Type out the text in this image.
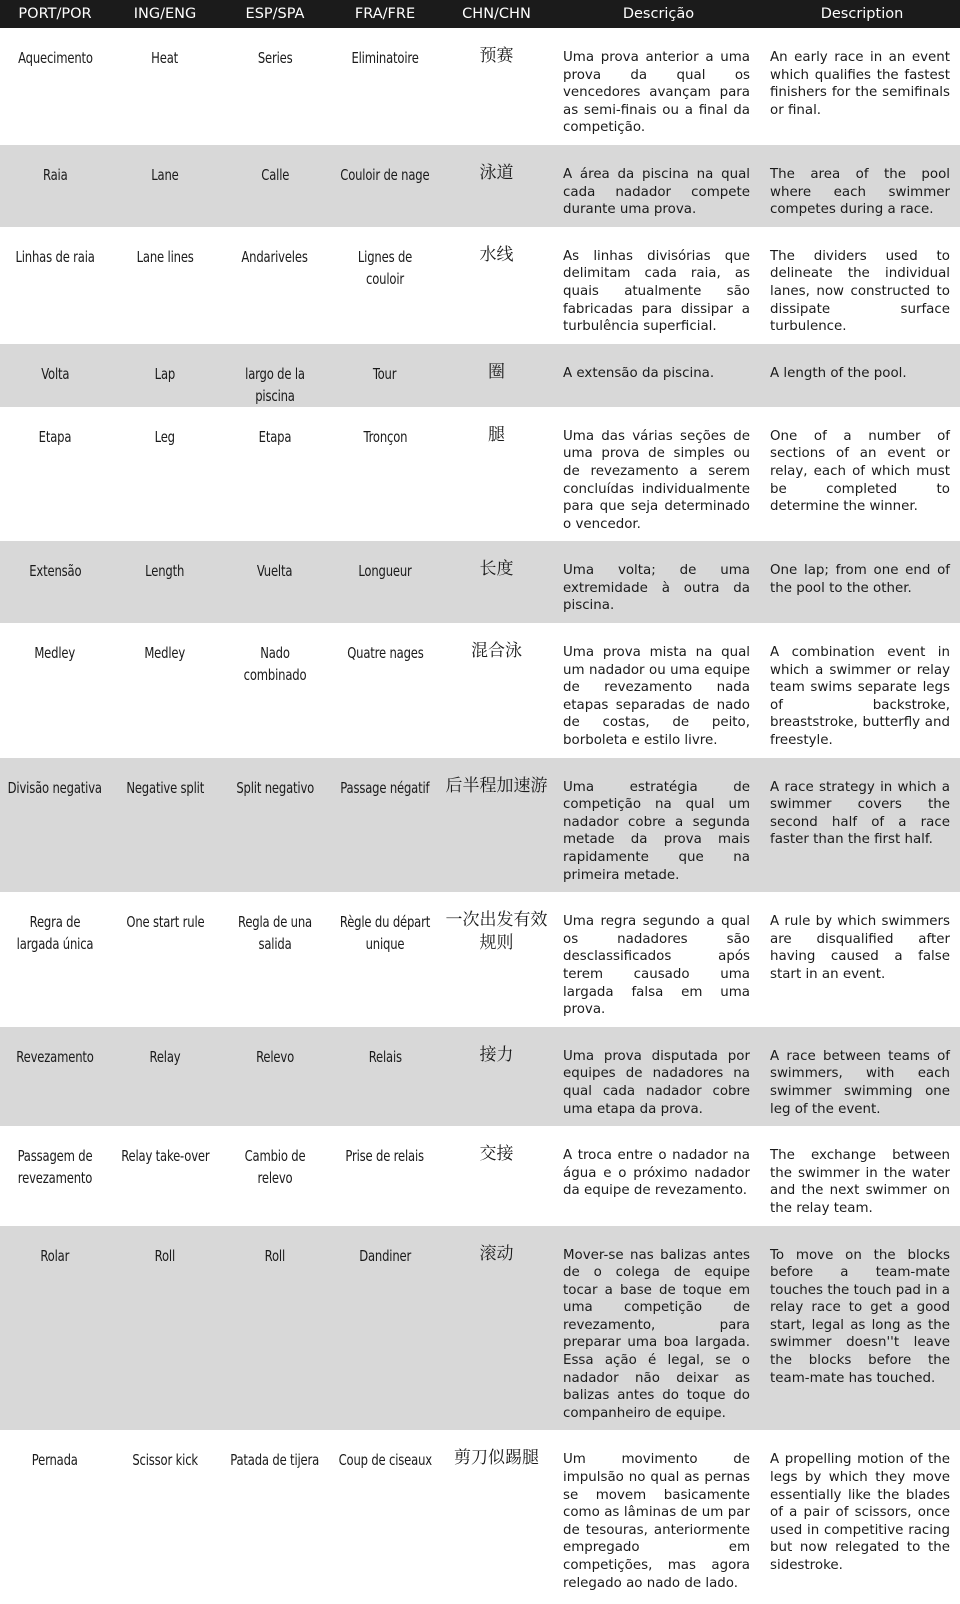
PORT/POR	ING/ENG	ESP/SPA	FRA/FRE	CHN/CHN	Descrição	Description
Aquecimento	Heat	Series	Eliminatoire	预赛	Uma prova anterior a uma prova da qual os vencedores avançam para as semi-finais ou a final da competição.	An early race in an event which qualifies the fastest finishers for the semifinals or final.
Raia	Lane	Calle	Couloir de nage	泳道	A área da piscina na qual cada nadador compete durante uma prova.	The area of the pool where each swimmer competes during a race.
Linhas de raia	Lane lines	Andariveles	Lignes de couloir	水线	As linhas divisórias que delimitam cada raia, as quais atualmente são fabricadas para dissipar a turbulência superficial.	The dividers used to delineate the individual lanes, now constructed to dissipate surface turbulence.
Volta	Lap	largo de la piscina	Tour	圈	A extensão da piscina.	A length of the pool.
Etapa	Leg	Etapa	Tronçon	腿	Uma das várias seções de uma prova de simples ou de revezamento a serem concluídas individualmente para que seja determinado o vencedor.	One of a number of sections of an event or relay, each of which must be completed to determine the winner.
Extensão	Length	Vuelta	Longueur	长度	Uma volta; de uma extremidade à outra da piscina.	One lap; from one end of the pool to the other.
Medley	Medley	Nado combinado	Quatre nages	混合泳	Uma prova mista na qual um nadador ou uma equipe de revezamento nada etapas separadas de nado de costas, de peito, borboleta e estilo livre.	A combination event in which a swimmer or relay team swims separate legs of backstroke, breaststroke, butterfly and freestyle.
Divisão negativa	Negative split	Split negativo	Passage négatif	后半程加速游	Uma estratégia de competição na qual um nadador cobre a segunda metade da prova mais rapidamente que na primeira metade.	A race strategy in which a swimmer covers the second half of a race faster than the first half.
Regra de largada única	One start rule	Regla de una salida	Règle du départ unique	一次出发有效规则	Uma regra segundo a qual os nadadores são desclassificados após terem causado uma largada falsa em uma prova.	A rule by which swimmers are disqualified after having caused a false start in an event.
Revezamento	Relay	Relevo	Relais	接力	Uma prova disputada por equipes de nadadores na qual cada nadador cobre uma etapa da prova.	A race between teams of swimmers, with each swimmer swimming one leg of the event.
Passagem de revezamento	Relay take-over	Cambio de relevo	Prise de relais	交接	A troca entre o nadador na água e o próximo nadador da equipe de revezamento.	The exchange between the swimmer in the water and the next swimmer on the relay team.
Rolar	Roll	Roll	Dandiner	滚动	Mover-se nas balizas antes de o colega de equipe tocar a base de toque em uma competição de revezamento, para preparar uma boa largada. Essa ação é legal, se o nadador não deixar as balizas antes do toque do companheiro de equipe.	To move on the blocks before a team-mate touches the touch pad in a relay race to get a good start, legal as long as the swimmer doesn''t leave the blocks before the team-mate has touched.
Pernada	Scissor kick	Patada de tijera	Coup de ciseaux	剪刀似踢腿	Um movimento de impulsão no qual as pernas se movem basicamente como as lâminas de um par de tesouras, anteriormente empregado em competições, mas agora relegado ao nado de lado.	A propelling motion of the legs by which they move essentially like the blades of a pair of scissors, once used in competitive racing but now relegated to the sidestroke.
